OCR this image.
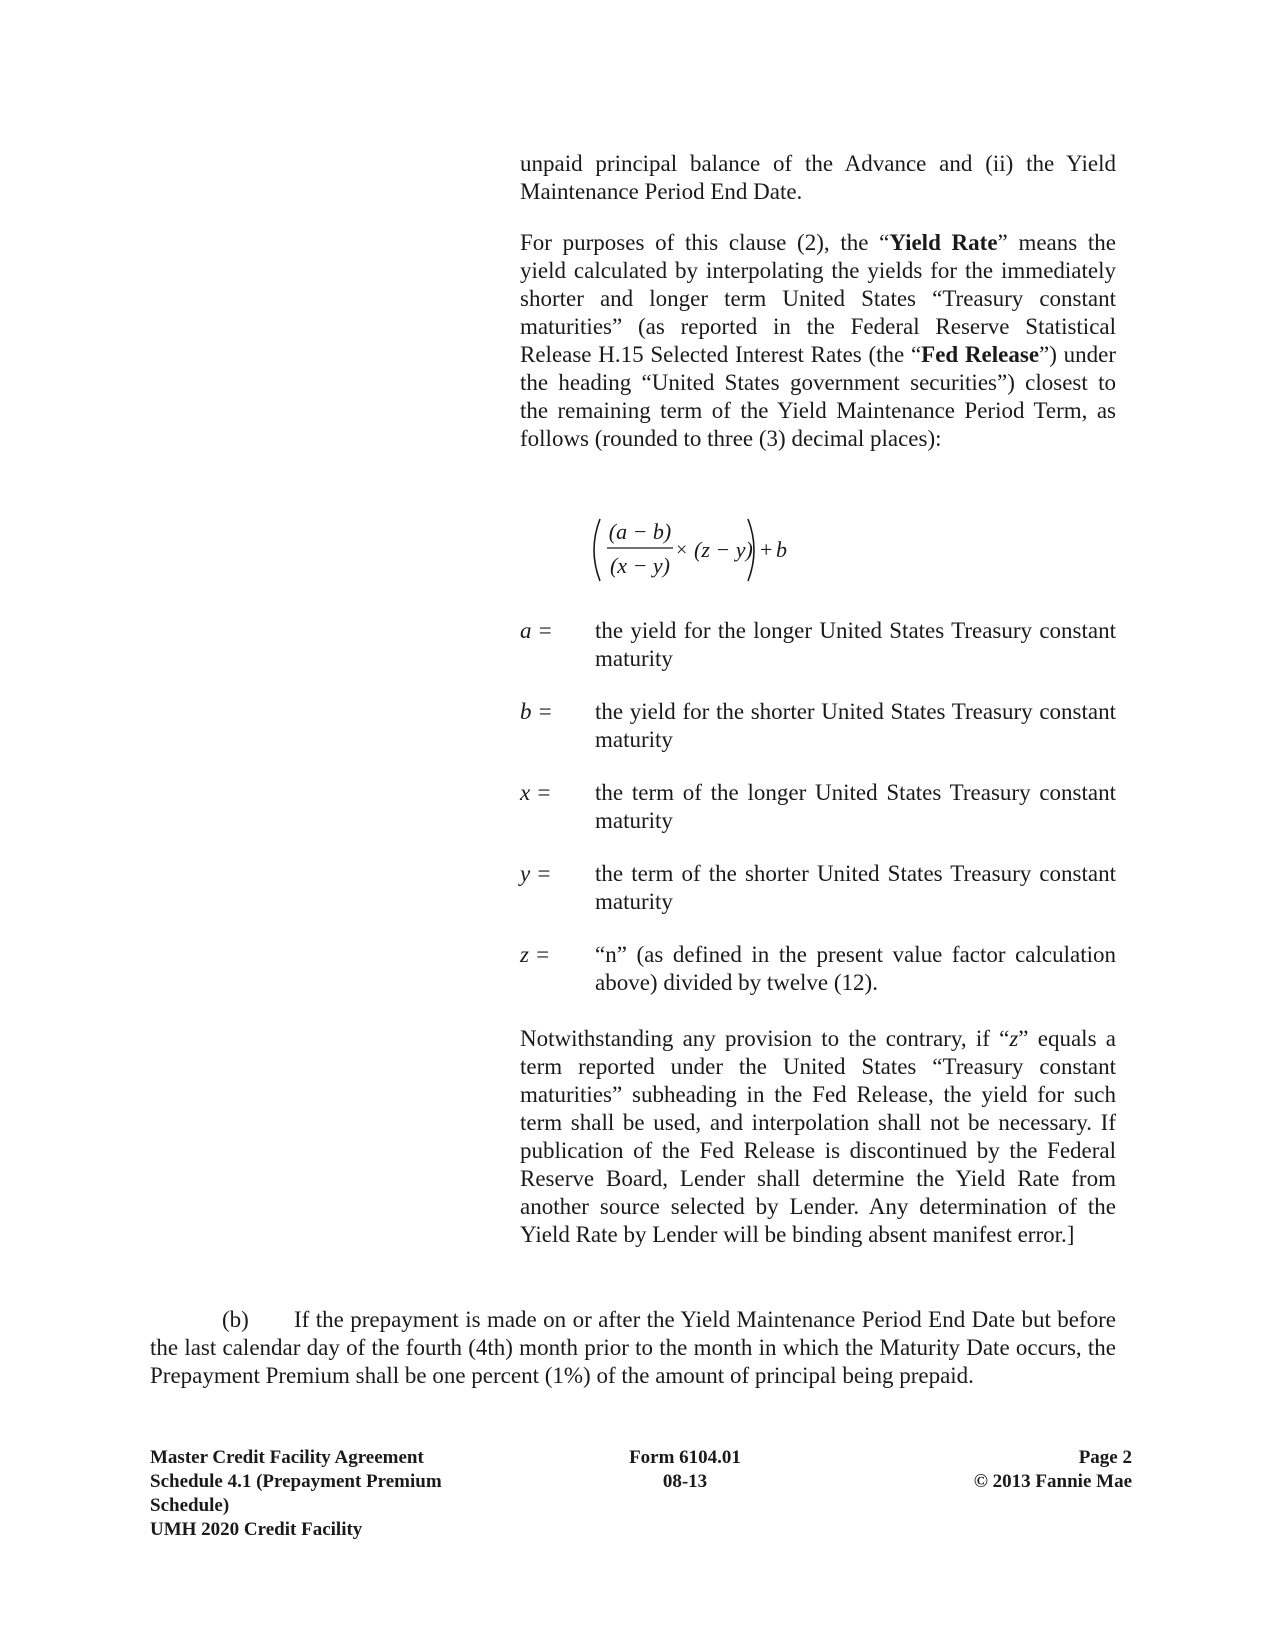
unpaid principal balance of the Advance and (ii) the Yield Maintenance Period End Date.

For purposes of this clause (2), the “Yield Rate” means the yield calculated by interpolating the yields for the immediately shorter and longer term United States “Treasury constant maturities” (as reported in the Federal Reserve Statistical Release H.15 Selected Interest Rates (the “Fed Release”) under the heading “United States government securities”) closest to the remaining term of the Yield Maintenance Period Term, as follows (rounded to three (3) decimal places):

(a − b)
(x − y)
× (z − y) + b
a =	the yield for the longer United States Treasury constant maturity
b =	the yield for the shorter United States Treasury constant maturity
x =	the term of the longer United States Treasury constant maturity
y =	the term of the shorter United States Treasury constant maturity
z =	“n” (as defined in the present value factor calculation above) divided by twelve (12).

Notwithstanding any provision to the contrary, if “z” equals a term reported under the United States “Treasury constant maturities” subheading in the Fed Release, the yield for such term shall be used, and interpolation shall not be necessary. If publication of the Fed Release is discontinued by the Federal Reserve Board, Lender shall determine the Yield Rate from another source selected by Lender. Any determination of the Yield Rate by Lender will be binding absent manifest error.]

(b) If the prepayment is made on or after the Yield Maintenance Period End Date but before the last calendar day of the fourth (4th) month prior to the month in which the Maturity Date occurs, the Prepayment Premium shall be one percent (1%) of the amount of principal being prepaid.

Master Credit Facility Agreement
Schedule 4.1 (Prepayment Premium
Schedule)
UMH 2020 Credit Facility
Form 6104.01
08-13
Page 2
© 2013 Fannie Mae
